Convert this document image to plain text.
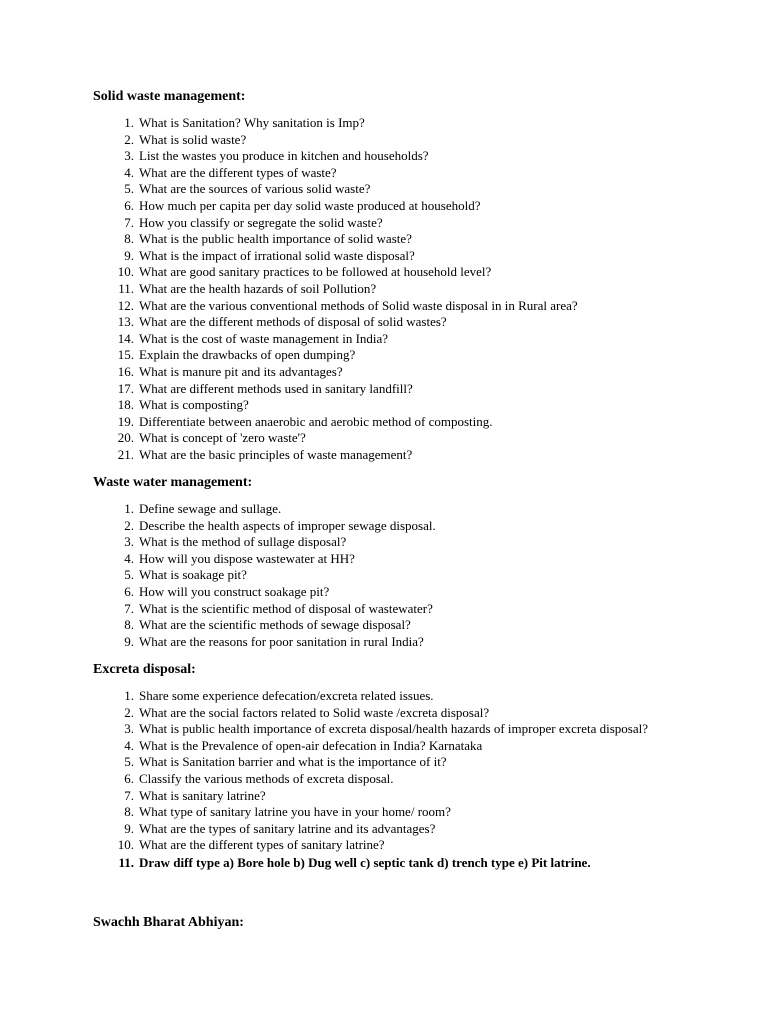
Solid waste management:
1. What is Sanitation? Why sanitation is Imp?
2. What is solid waste?
3. List the wastes you produce in kitchen and households?
4. What are the different types of waste?
5. What are the sources of various solid waste?
6. How much per capita per day solid waste produced at household?
7. How you classify or segregate the solid waste?
8. What is the public health importance of solid waste?
9. What is the impact of irrational solid waste disposal?
10. What are good sanitary practices to be followed at household level?
11. What are the health hazards of soil Pollution?
12. What are the various conventional methods of Solid waste disposal in in Rural area?
13. What are the different methods of disposal of solid wastes?
14. What is the cost of waste management in India?
15. Explain the drawbacks of open dumping?
16. What is manure pit and its advantages?
17. What are different methods used in sanitary landfill?
18. What is composting?
19. Differentiate between anaerobic and aerobic method of composting.
20. What is concept of 'zero waste'?
21. What are the basic principles of waste management?
Waste water management:
1. Define sewage and sullage.
2. Describe the health aspects of improper sewage disposal.
3. What is the method of sullage disposal?
4. How will you dispose wastewater at HH?
5. What is soakage pit?
6. How will you construct soakage pit?
7. What is the scientific method of disposal of wastewater?
8. What are the scientific methods of sewage disposal?
9. What are the reasons for poor sanitation in rural India?
Excreta disposal:
1. Share some experience defecation/excreta related issues.
2. What are the social factors related to Solid waste /excreta disposal?
3. What is public health importance of excreta disposal/health hazards of improper excreta disposal?
4. What is the Prevalence of open-air defecation in India? Karnataka
5. What is Sanitation barrier and what is the importance of it?
6. Classify the various methods of excreta disposal.
7. What is sanitary latrine?
8. What type of sanitary latrine you have in your home/ room?
9. What are the types of sanitary latrine and its advantages?
10. What are the different types of sanitary latrine?
11. Draw diff type a) Bore hole b) Dug well c) septic tank d) trench type e) Pit latrine.
Swachh Bharat Abhiyan:
